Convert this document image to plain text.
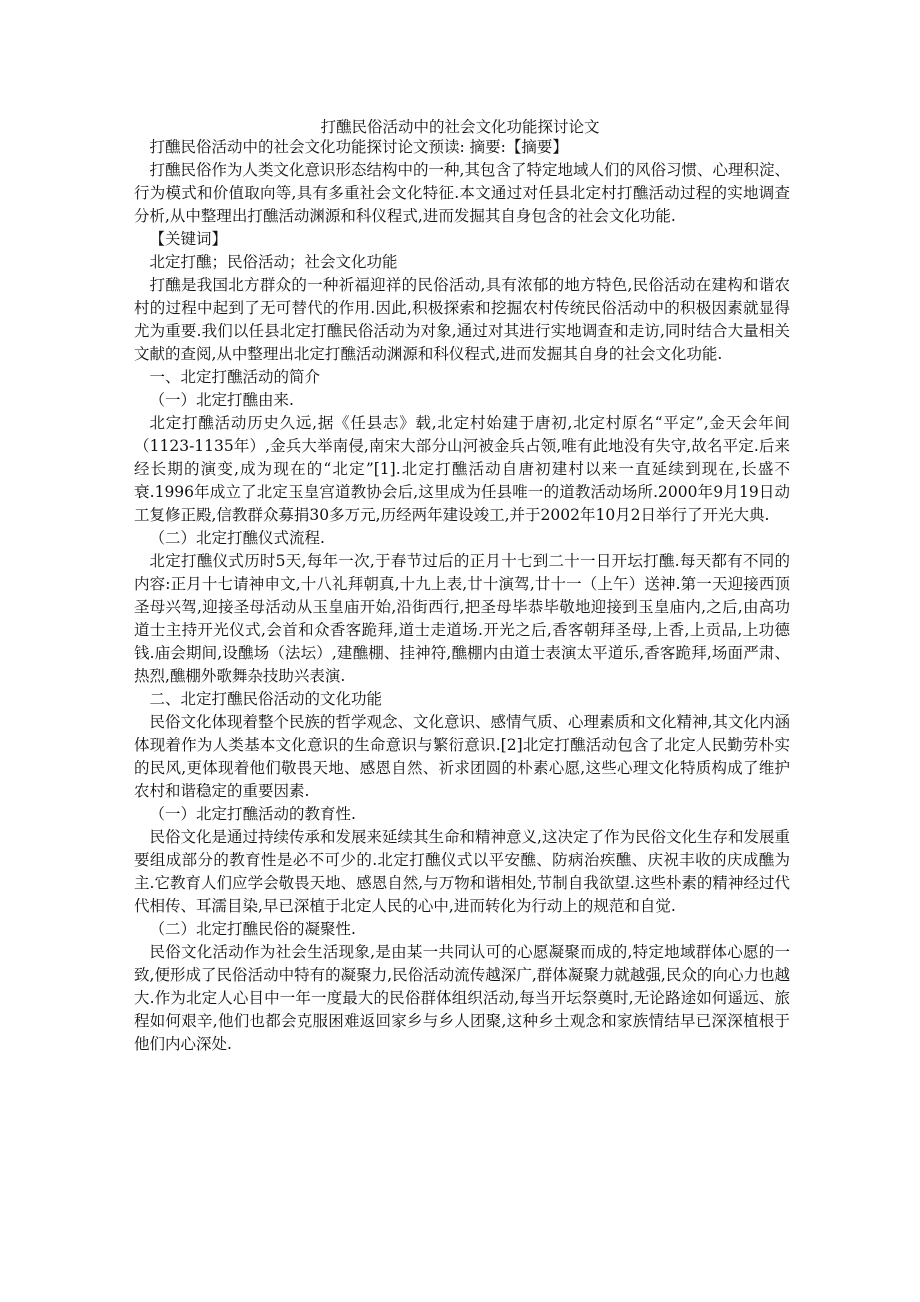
打醮民俗活动中的社会文化功能探讨论文

打醮民俗活动中的社会文化功能探讨论文预读: 摘要:【摘要】

打醮民俗作为人类文化意识形态结构中的一种,其包含了特定地域人们的风俗习惯、心理积淀、行为模式和价值取向等,具有多重社会文化特征.本文通过对任县北定村打醮活动过程的实地调查分析,从中整理出打醮活动渊源和科仪程式,进而发掘其自身包含的社会文化功能.

【关键词】

北定打醮；民俗活动；社会文化功能

打醮是我国北方群众的一种祈福迎祥的民俗活动,具有浓郁的地方特色,民俗活动在建构和谐农村的过程中起到了无可替代的作用.因此,积极探索和挖掘农村传统民俗活动中的积极因素就显得尤为重要.我们以任县北定打醮民俗活动为对象,通过对其进行实地调查和走访,同时结合大量相关文献的查阅,从中整理出北定打醮活动渊源和科仪程式,进而发掘其自身的社会文化功能.

一、北定打醮活动的简介

（一）北定打醮由来.

北定打醮活动历史久远,据《任县志》载,北定村始建于唐初,北定村原名“平定”,金天会年间（1123-1135年）,金兵大举南侵,南宋大部分山河被金兵占领,唯有此地没有失守,故名平定.后来经长期的演变,成为现在的“北定”[1].北定打醮活动自唐初建村以来一直延续到现在,长盛不衰.1996年成立了北定玉皇宫道教协会后,这里成为任县唯一的道教活动场所.2000年9月19日动工复修正殿,信教群众募捐30多万元,历经两年建设竣工,并于2002年10月2日举行了开光大典.

（二）北定打醮仪式流程.

北定打醮仪式历时5天,每年一次,于春节过后的正月十七到二十一日开坛打醮.每天都有不同的内容:正月十七请神申文,十八礼拜朝真,十九上表,廿十演驾,廿十一（上午）送神.第一天迎接西顶圣母兴驾,迎接圣母活动从玉皇庙开始,沿街西行,把圣母毕恭毕敬地迎接到玉皇庙内,之后,由高功道士主持开光仪式,会首和众香客跪拜,道士走道场.开光之后,香客朝拜圣母,上香,上贡品,上功德钱.庙会期间,设醮场（法坛）,建醮棚、挂神符,醮棚内由道士表演太平道乐,香客跪拜,场面严肃、热烈,醮棚外歌舞杂技助兴表演.

二、北定打醮民俗活动的文化功能

民俗文化体现着整个民族的哲学观念、文化意识、感情气质、心理素质和文化精神,其文化内涵体现着作为人类基本文化意识的生命意识与繁衍意识.[2]北定打醮活动包含了北定人民勤劳朴实的民风,更体现着他们敬畏天地、感恩自然、祈求团圆的朴素心愿,这些心理文化特质构成了维护农村和谐稳定的重要因素.

（一）北定打醮活动的教育性.

民俗文化是通过持续传承和发展来延续其生命和精神意义,这决定了作为民俗文化生存和发展重要组成部分的教育性是必不可少的.北定打醮仪式以平安醮、防病治疾醮、庆祝丰收的庆成醮为主.它教育人们应学会敬畏天地、感恩自然,与万物和谐相处,节制自我欲望.这些朴素的精神经过代代相传、耳濡目染,早已深植于北定人民的心中,进而转化为行动上的规范和自觉.

（二）北定打醮民俗的凝聚性.

民俗文化活动作为社会生活现象,是由某一共同认可的心愿凝聚而成的,特定地域群体心愿的一致,便形成了民俗活动中特有的凝聚力,民俗活动流传越深广,群体凝聚力就越强,民众的向心力也越大.作为北定人心目中一年一度最大的民俗群体组织活动,每当开坛祭奠时,无论路途如何遥远、旅程如何艰辛,他们也都会克服困难返回家乡与乡人团聚,这种乡土观念和家族情结早已深深植根于他们内心深处.
